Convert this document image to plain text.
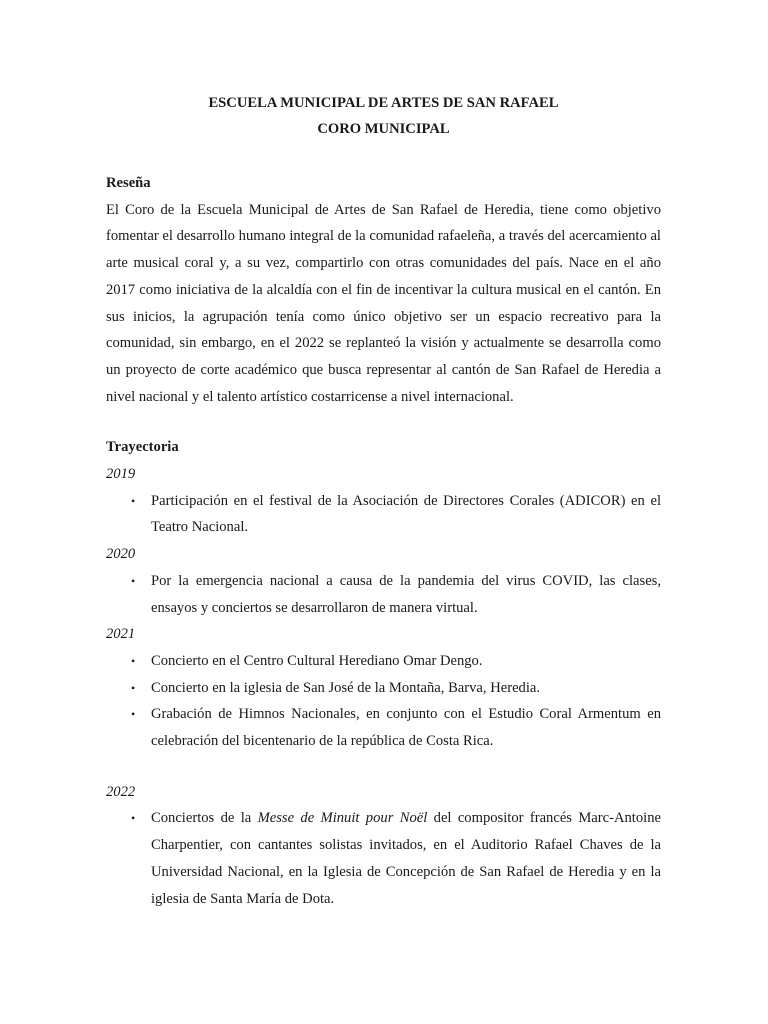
ESCUELA MUNICIPAL DE ARTES DE SAN RAFAEL

CORO MUNICIPAL

Reseña

El Coro de la Escuela Municipal de Artes de San Rafael de Heredia, tiene como objetivo fomentar el desarrollo humano integral de la comunidad rafaeleña, a través del acercamiento al arte musical coral y, a su vez, compartirlo con otras comunidades del país. Nace en el año 2017 como iniciativa de la alcaldía con el fin de incentivar la cultura musical en el cantón. En sus inicios, la agrupación tenía como único objetivo ser un espacio recreativo para la comunidad, sin embargo, en el 2022 se replanteó la visión y actualmente se desarrolla como un proyecto de corte académico que busca representar al cantón de San Rafael de Heredia a nivel nacional y el talento artístico costarricense a nivel internacional.

Trayectoria

2019

• Participación en el festival de la Asociación de Directores Corales (ADICOR) en el Teatro Nacional.

2020

• Por la emergencia nacional a causa de la pandemia del virus COVID, las clases, ensayos y conciertos se desarrollaron de manera virtual.

2021

• Concierto en el Centro Cultural Herediano Omar Dengo.
• Concierto en la iglesia de San José de la Montaña, Barva, Heredia.
• Grabación de Himnos Nacionales, en conjunto con el Estudio Coral Armentum en celebración del bicentenario de la república de Costa Rica.

2022

• Conciertos de la Messe de Minuit pour Noël del compositor francés Marc-Antoine Charpentier, con cantantes solistas invitados, en el Auditorio Rafael Chaves de la Universidad Nacional, en la Iglesia de Concepción de San Rafael de Heredia y en la iglesia de Santa María de Dota.
